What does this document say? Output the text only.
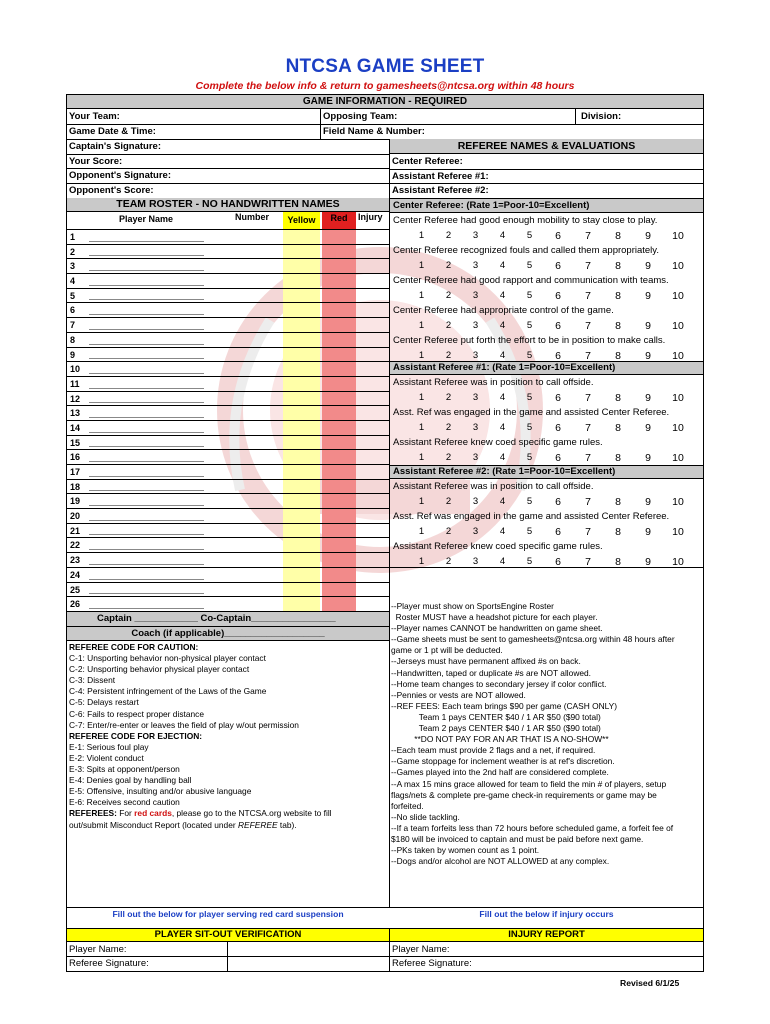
NTCSA GAME SHEET
Complete the below info & return to gamesheets@ntcsa.org within 48 hours
GAME INFORMATION - REQUIRED
Your Team:	Opposing Team:	Division:
Game Date & Time:	Field Name & Number:
Captain's Signature:
Your Score:
Opponent's Signature:
Opponent's Score:
REFEREE NAMES & EVALUATIONS
Center Referee:
Assistant Referee #1:
Assistant Referee #2:
Center Referee: (Rate 1=Poor-10=Excellent)
Center Referee had good enough mobility to stay close to play.
1	2	3	4	5	6	7	8	9	10
Center Referee recognized fouls and called them appropriately.
1	2	3	4	5	6	7	8	9	10
Center Referee had good rapport and communication with teams.
1	2	3	4	5	6	7	8	9	10
Center Referee had appropriate control of the game.
1	2	3	4	5	6	7	8	9	10
Center Referee put forth the effort to be in position to make calls.
1	2	3	4	5	6	7	8	9	10
Assistant Referee #1: (Rate 1=Poor-10=Excellent)
Assistant Referee was in position to call offside.
1	2	3	4	5	6	7	8	9	10
Asst. Ref was engaged in the game and assisted Center Referee.
1	2	3	4	5	6	7	8	9	10
Assistant Referee knew coed specific game rules.
1	2	3	4	5	6	7	8	9	10
Assistant Referee #2: (Rate 1=Poor-10=Excellent)
Assistant Referee was in position to call offside.
1	2	3	4	5	6	7	8	9	10
Asst. Ref was engaged in the game and assisted Center Referee.
1	2	3	4	5	6	7	8	9	10
Assistant Referee knew coed specific game rules.
1	2	3	4	5	6	7	8	9	10
TEAM ROSTER - NO HANDWRITTEN NAMES
Player Name	Number	Yellow	Red	Injury
1
2
3
4
5
6
7
8
9
10
11
12
13
14
15
16
17
18
19
20
21
22
23
24
25
26
Captain ____________ Co-Captain________________
Coach (if applicable)___________________
REFEREE CODE FOR CAUTION:
C-1: Unsporting behavior non-physical player contact
C-2: Unsporting behavior physical player contact
C-3: Dissent
C-4: Persistent infringement of the Laws of the Game
C-5: Delays restart
C-6: Fails to respect proper distance
C-7: Enter/re-enter or leaves the field of play w/out permission
REFEREE CODE FOR EJECTION:
E-1: Serious foul play
E-2: Violent conduct
E-3: Spits at opponent/person
E-4: Denies goal by handling ball
E-5: Offensive, insulting and/or abusive language
E-6: Receives second caution
REFEREES: For red cards, please go to the NTCSA.org website to fill
out/submit Misconduct Report (located under REFEREE tab).
--Player must show on SportsEngine Roster
Roster MUST have a headshot picture for each player.
--Player names CANNOT be handwritten on game sheet.
--Game sheets must be sent to gamesheets@ntcsa.org within 48 hours after
game or 1 pt will be deducted.
--Jerseys must have permanent affixed #s on back.
--Handwritten, taped or duplicate #s are NOT allowed.
--Home team changes to secondary jersey if color conflict.
--Pennies or vests are NOT allowed.
--REF FEES: Each team brings $90 per game (CASH ONLY)
Team 1 pays CENTER $40 / 1 AR $50 ($90 total)
Team 2 pays CENTER $40 / 1 AR $50 ($90 total)
**DO NOT PAY FOR AN AR THAT IS A NO-SHOW**
--Each team must provide 2 flags and a net, if required.
--Game stoppage for inclement weather is at ref's discretion.
--Games played into the 2nd half are considered complete.
--A max 15 mins grace allowed for team to field the min # of players, setup
flags/nets & complete pre-game check-in requirements or game may be
forfeited.
--No slide tackling.
--If a team forfeits less than 72 hours before scheduled game, a forfeit fee of
$180 will be invoiced to captain and must be paid before next game.
--PKs taken by women count as 1 point.
--Dogs and/or alcohol are NOT ALLOWED at any complex.
Fill out the below for player serving red card suspension	Fill out the below if injury occurs
PLAYER SIT-OUT VERIFICATION	INJURY REPORT
Player Name:
Referee Signature:
Player Name:
Referee Signature:
Revised 6/1/25
